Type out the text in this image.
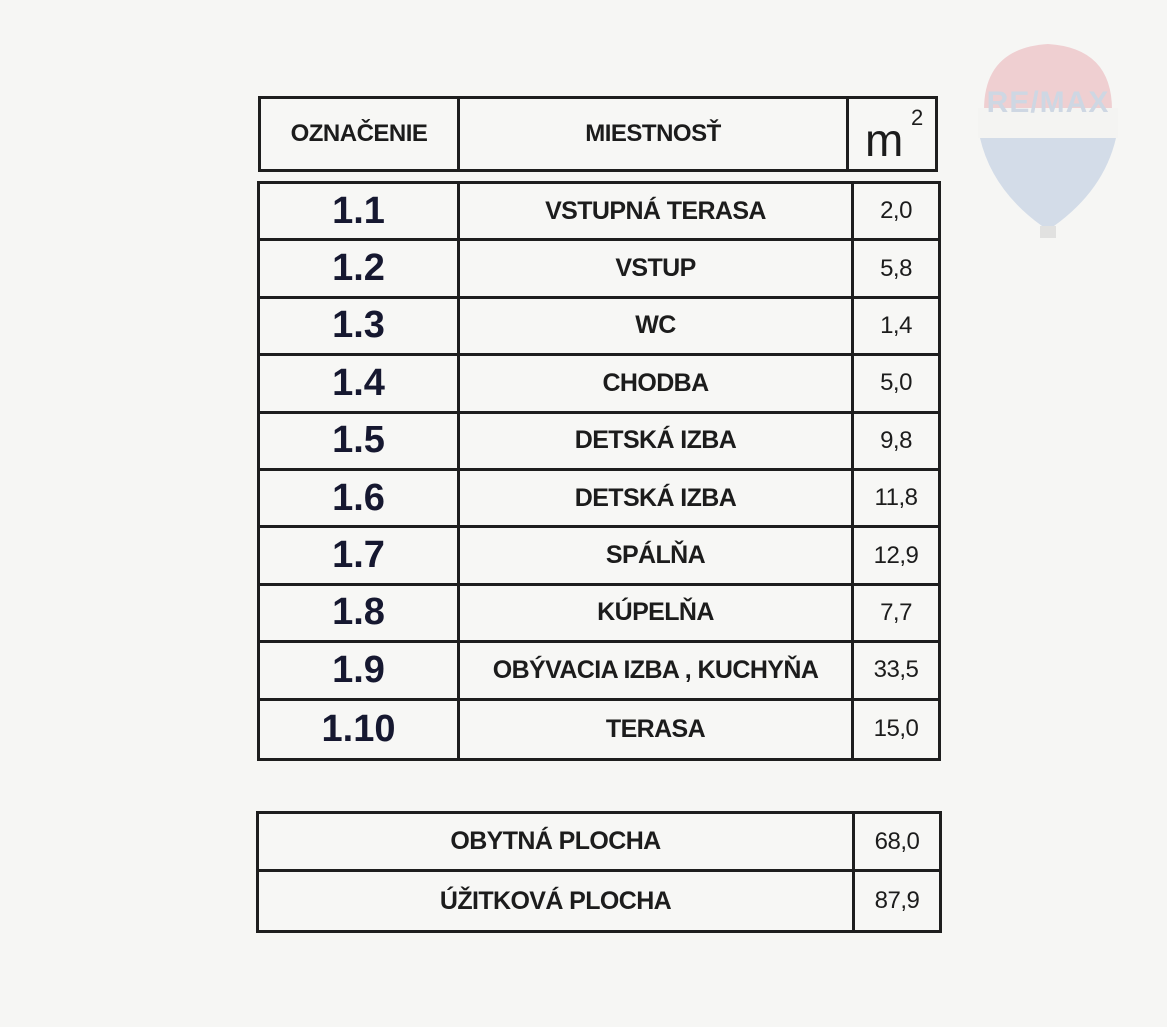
OZNAČENIE	MIESTNOSŤ	m 2
1.1	VSTUPNÁ TERASA	2,0
1.2	VSTUP	5,8
1.3	WC	1,4
1.4	CHODBA	5,0
1.5	DETSKÁ IZBA	9,8
1.6	DETSKÁ IZBA	11,8
1.7	SPÁLŇA	12,9
1.8	KÚPELŇA	7,7
1.9	OBÝVACIA IZBA , KUCHYŇA	33,5
1.10	TERASA	15,0
OBYTNÁ PLOCHA	68,0
ÚŽITKOVÁ PLOCHA	87,9
RE/MAX
